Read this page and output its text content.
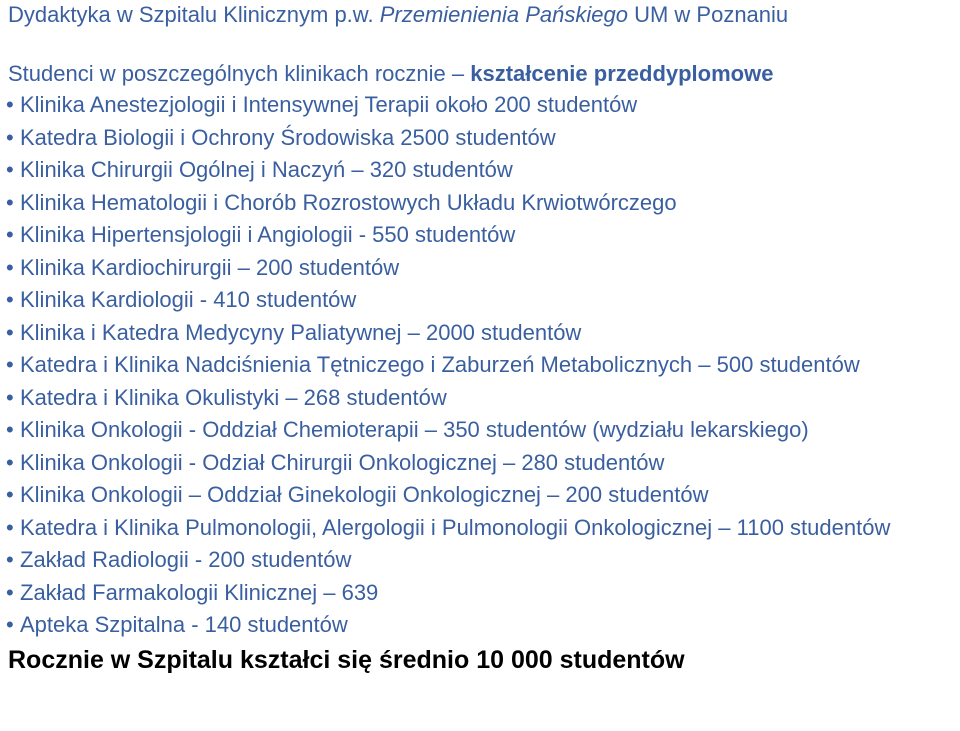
Dydaktyka w Szpitalu Klinicznym p.w. Przemienienia Pańskiego UM w Poznaniu
Studenci w poszczególnych klinikach rocznie – kształcenie przeddyplomowe
• Klinika Anestezjologii i Intensywnej Terapii około 200 studentów
• Katedra Biologii i Ochrony Środowiska 2500 studentów
• Klinika Chirurgii Ogólnej i Naczyń – 320 studentów
• Klinika Hematologii i Chorób Rozrostowych Układu Krwiotwórczego
• Klinika Hipertensjologii i Angiologii - 550 studentów
• Klinika Kardiochirurgii – 200 studentów
• Klinika Kardiologii - 410 studentów
• Klinika i Katedra Medycyny Paliatywnej – 2000 studentów
• Katedra i Klinika Nadciśnienia Tętniczego i Zaburzeń Metabolicznych – 500 studentów
• Katedra i Klinika Okulistyki – 268 studentów
• Klinika Onkologii - Oddział Chemioterapii – 350 studentów (wydziału lekarskiego)
• Klinika Onkologii - Odział Chirurgii Onkologicznej – 280 studentów
• Klinika Onkologii – Oddział Ginekologii Onkologicznej – 200 studentów
• Katedra i Klinika Pulmonologii, Alergologii i Pulmonologii Onkologicznej – 1100 studentów
• Zakład Radiologii - 200 studentów
• Zakład Farmakologii Klinicznej – 639
• Apteka Szpitalna - 140 studentów
Rocznie w Szpitalu kształci się średnio 10 000 studentów
